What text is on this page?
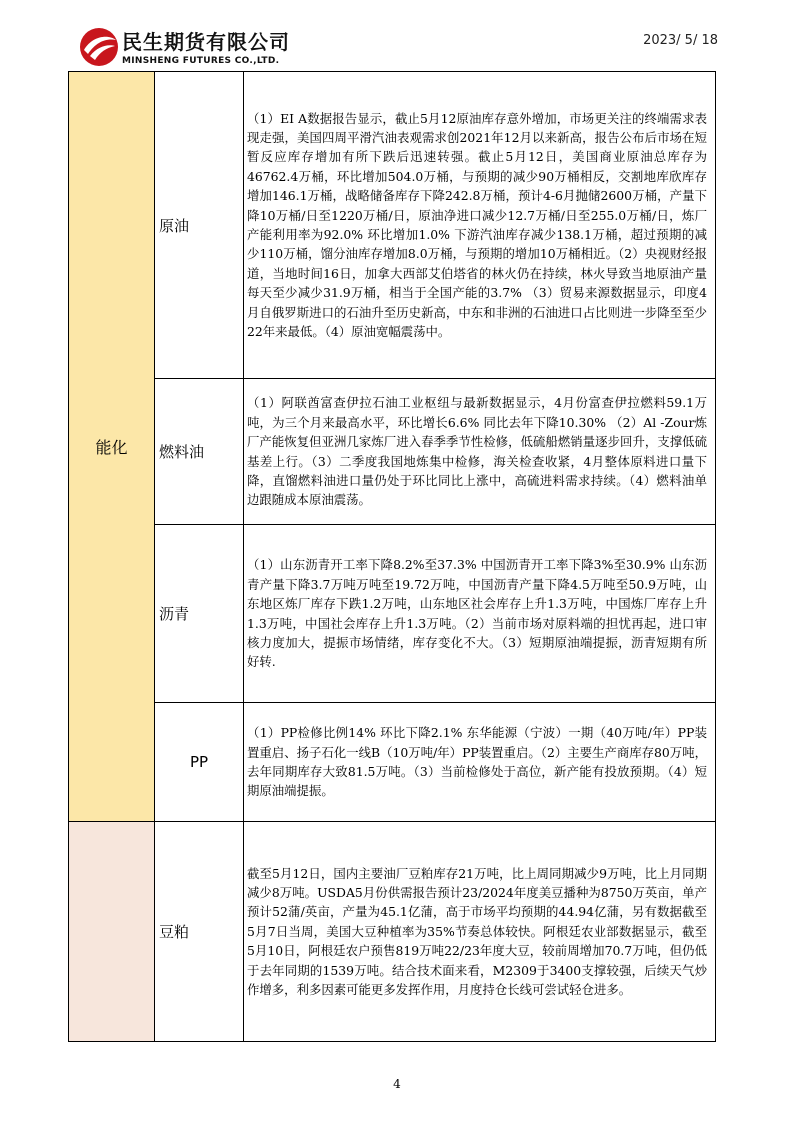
民生期货有限公司
MINSHENG FUTURES CO.,LTD.
2023/ 5/ 18
能化	原油	（1）EI A数据报告显示，截止5月12原油库存意外增加，市场更关注的终端需求表现走强，美国四周平滑汽油表观需求创2021年12月以来新高，报告公布后市场在短暂反应库存增加有所下跌后迅速转强。截止5月12日，美国商业原油总库存为46762.4万桶，环比增加504.0万桶，与预期的减少90万桶相反，交割地库欣库存增加146.1万桶，战略储备库存下降242.8万桶，预计4-6月抛储2600万桶，产量下降10万桶/日至1220万桶/日，原油净进口减少12.7万桶/日至255.0万桶/日，炼厂产能利用率为92.0% 环比增加1.0% 下游汽油库存减少138.1万桶，超过预期的减少110万桶，馏分油库存增加8.0万桶，与预期的增加10万桶相近。（2）央视财经报道，当地时间16日，加拿大西部艾伯塔省的林火仍在持续，林火导致当地原油产量每天至少减少31.9万桶，相当于全国产能的3.7% （3）贸易来源数据显示，印度4月自俄罗斯进口的石油升至历史新高，中东和非洲的石油进口占比则进一步降至至少22年来最低。（4）原油宽幅震荡中。
	燃料油	（1）阿联酋富查伊拉石油工业枢纽与最新数据显示，4月份富查伊拉燃料59.1万吨，为三个月来最高水平，环比增长6.6% 同比去年下降10.30% （2）Al -Zour炼厂产能恢复但亚洲几家炼厂进入春季季节性检修，低硫船燃销量逐步回升，支撑低硫基差上行。（3）二季度我国地炼集中检修，海关检查收紧，4月整体原料进口量下降，直馏燃料油进口量仍处于环比同比上涨中，高硫进料需求持续。（4）燃料油单边跟随成本原油震荡。
	沥青	（1）山东沥青开工率下降8.2%至37.3% 中国沥青开工率下降3%至30.9% 山东沥青产量下降3.7万吨万吨至19.72万吨，中国沥青产量下降4.5万吨至50.9万吨，山东地区炼厂库存下跌1.2万吨，山东地区社会库存上升1.3万吨，中国炼厂库存上升1.3万吨，中国社会库存上升1.3万吨。（2）当前市场对原料端的担忧再起，进口审核力度加大，提振市场情绪，库存变化不大。（3）短期原油端提振，沥青短期有所好转.
	PP	（1）PP检修比例14% 环比下降2.1% 东华能源（宁波）一期（40万吨/年）PP装置重启、扬子石化一线B（10万吨/年）PP装置重启。（2）主要生产商库存80万吨，去年同期库存大致81.5万吨。（3）当前检修处于高位，新产能有投放预期。（4）短期原油端提振。
	豆粕	截至5月12日，国内主要油厂豆粕库存21万吨，比上周同期减少9万吨，比上月同期减少8万吨。USDA5月份供需报告预计23/2024年度美豆播种为8750万英亩，单产预计52蒲/英亩，产量为45.1亿蒲，高于市场平均预期的44.94亿蒲，另有数据截至5月7日当周，美国大豆种植率为35%节奏总体较快。阿根廷农业部数据显示，截至5月10日，阿根廷农户预售819万吨22/23年度大豆，较前周增加70.7万吨，但仍低于去年同期的1539万吨。结合技术面来看，M2309于3400支撑较强，后续天气炒作增多，利多因素可能更多发挥作用，月度持仓长线可尝试轻仓进多。
4
